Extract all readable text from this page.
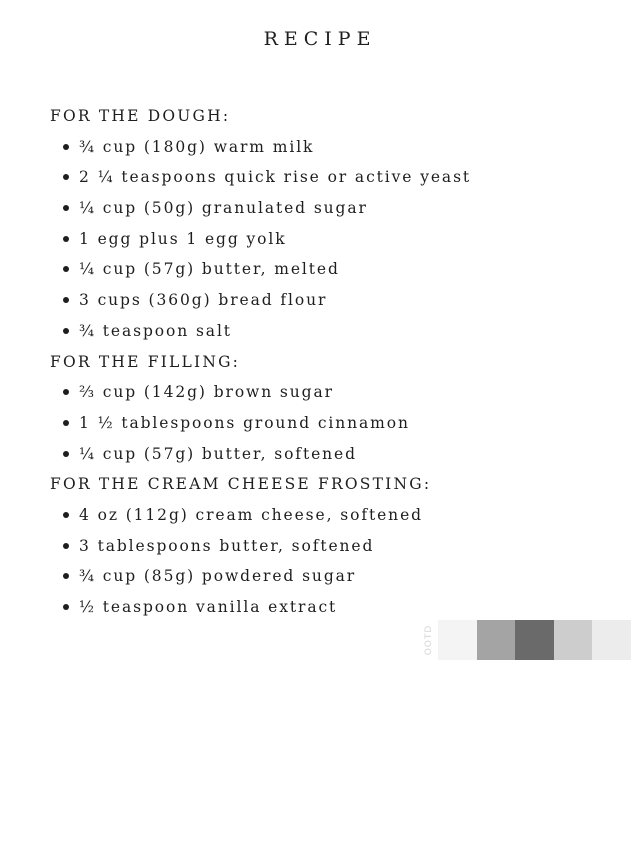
RECIPE
FOR THE DOUGH:
¾ cup (180g) warm milk
2 ¼ teaspoons quick rise or active yeast
¼ cup (50g) granulated sugar
1 egg plus 1 egg yolk
¼ cup (57g) butter, melted
3 cups (360g) bread flour
¾ teaspoon salt
FOR THE FILLING:
⅔ cup (142g) brown sugar
1 ½ tablespoons ground cinnamon
¼ cup (57g) butter, softened
FOR THE CREAM CHEESE FROSTING:
4 oz (112g) cream cheese, softened
3 tablespoons butter, softened
¾ cup (85g) powdered sugar
½ teaspoon vanilla extract
OOTD
